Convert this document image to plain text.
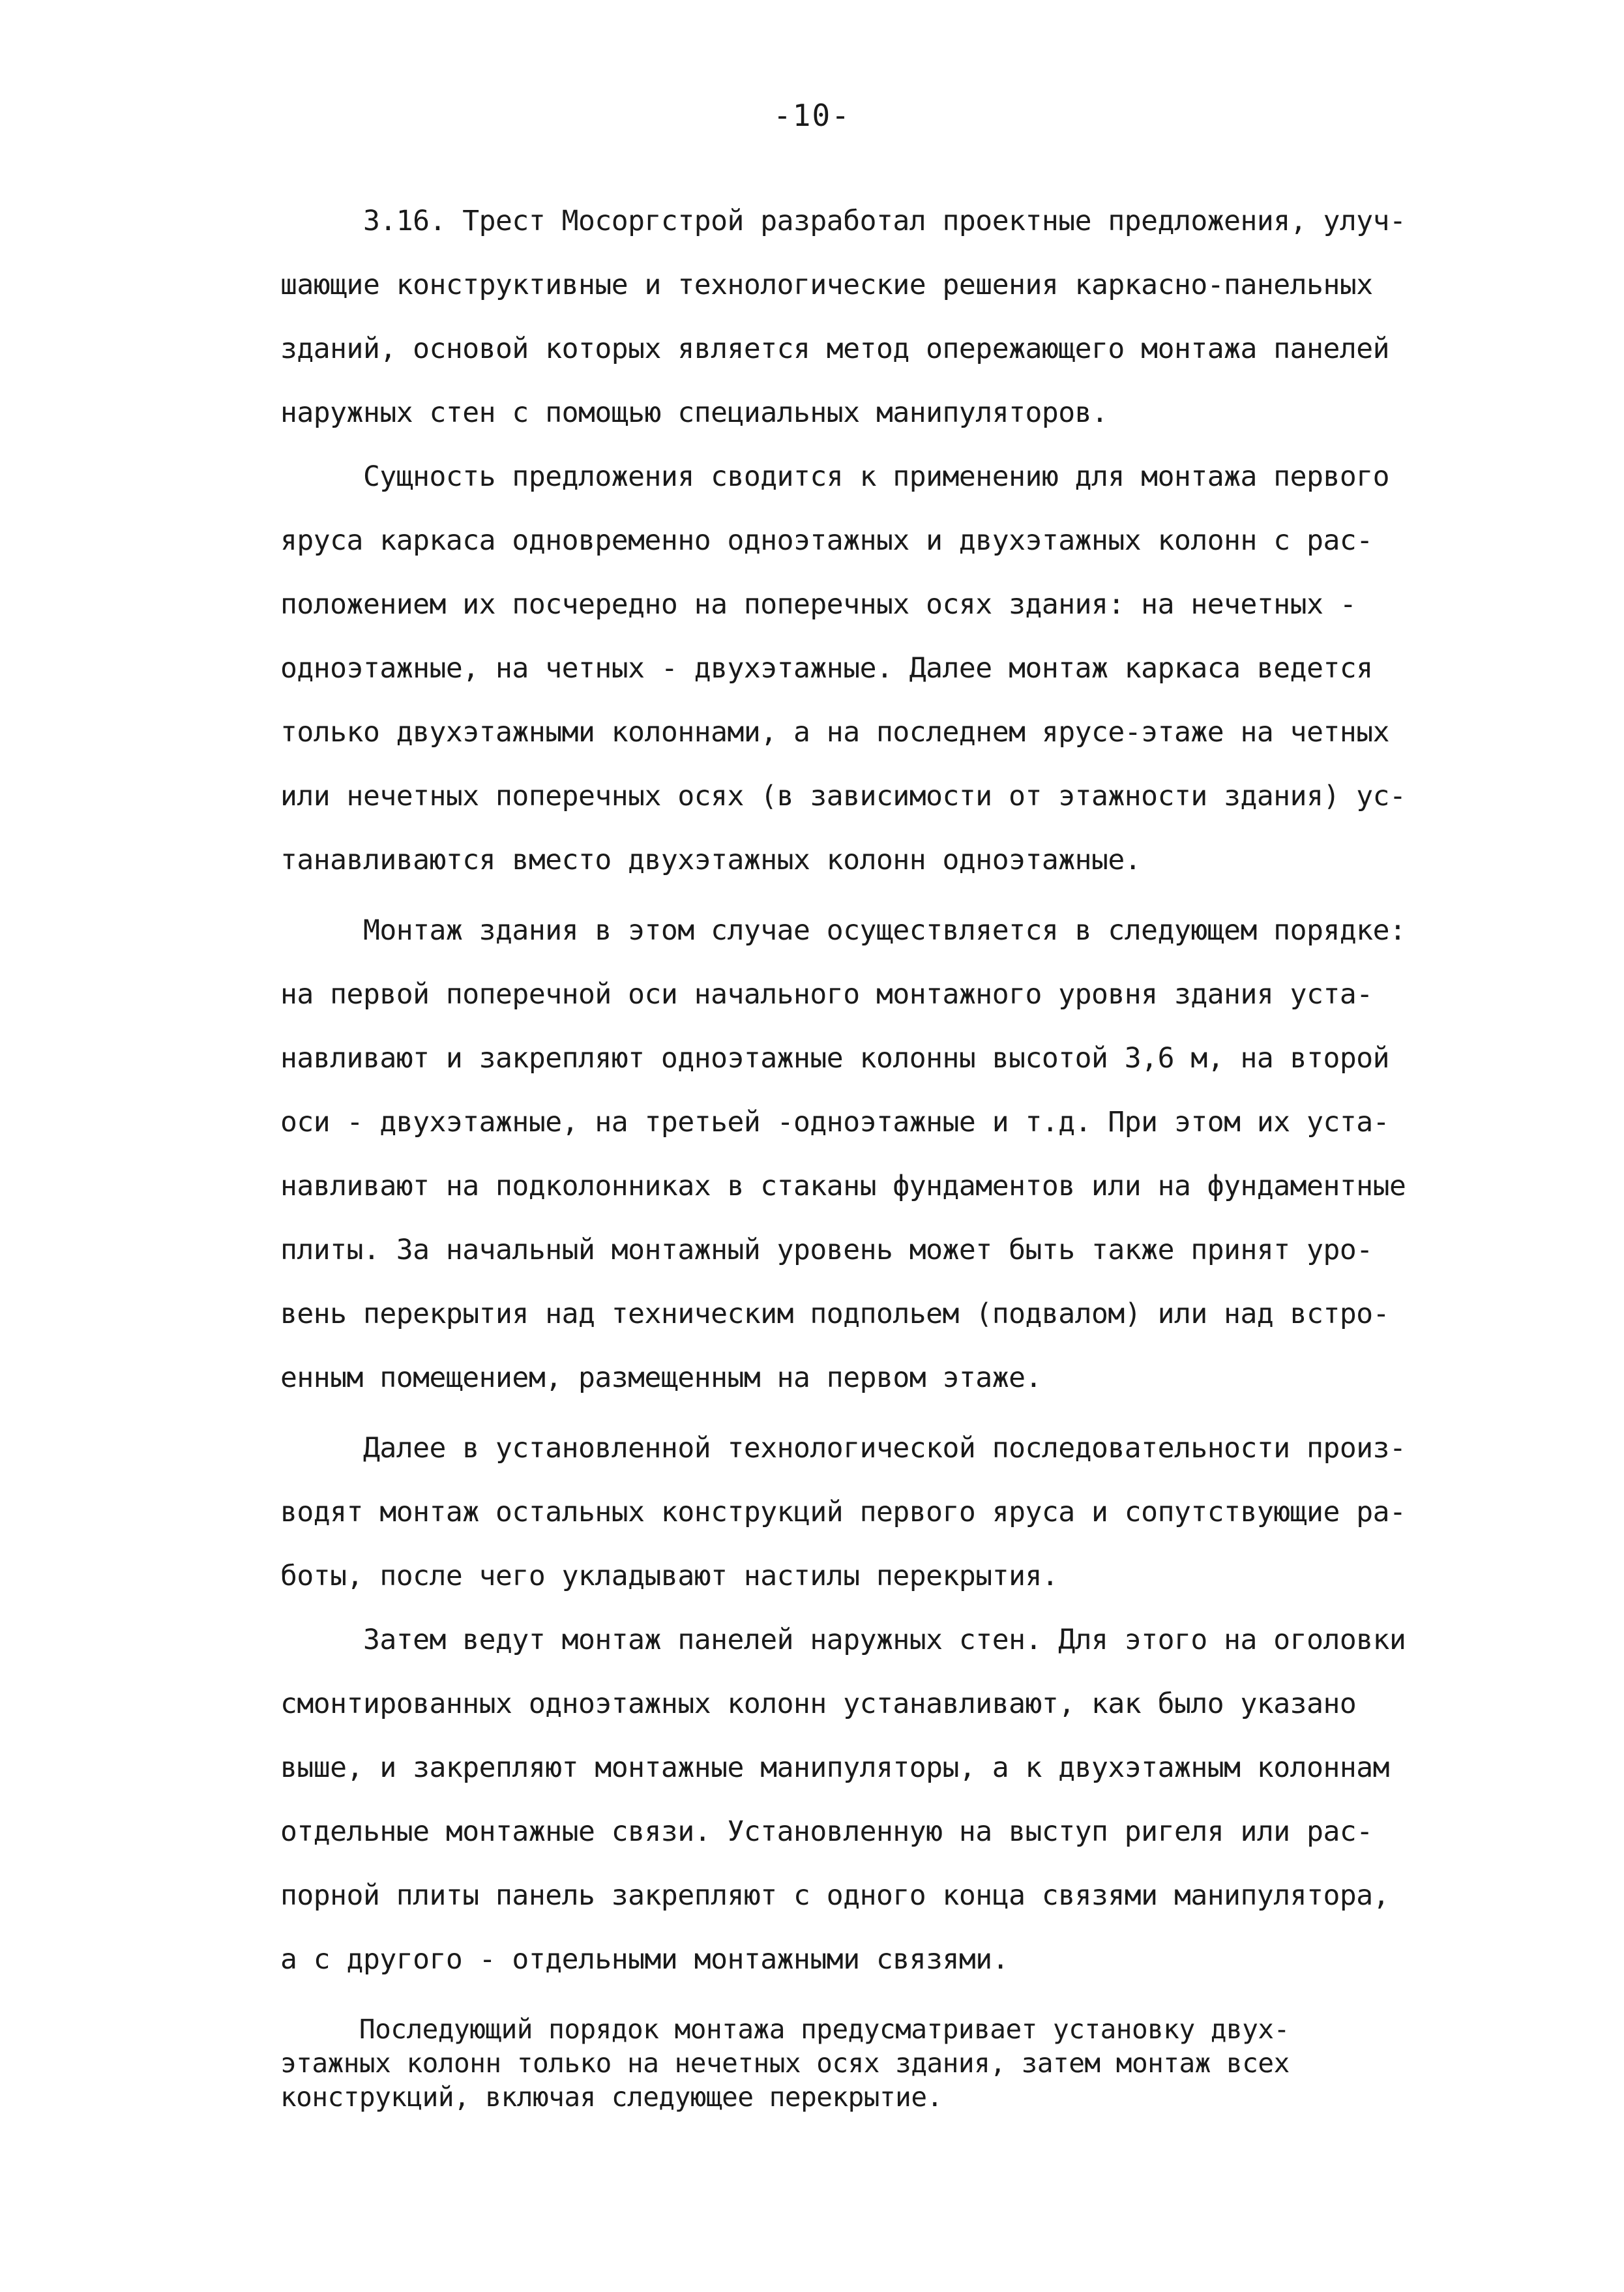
-10-
3.16. Трест Мосоргстрой разработал проектные предложения, улуч-
шающие конструктивные и технологические решения каркасно-панельных
зданий, основой которых является метод опережающего монтажа панелей
наружных стен с помощью специальных манипуляторов.
Сущность предложения сводится к применению для монтажа первого
яруса каркаса одновременно одноэтажных и двухэтажных колонн с рас-
положением их посчередно на поперечных осях здания: на нечетных -
одноэтажные, на четных - двухэтажные. Далее монтаж каркаса ведется
только двухэтажными колоннами, а на последнем ярусе-этаже на четных
или нечетных поперечных осях (в зависимости от этажности здания) ус-
танавливаются вместо двухэтажных колонн одноэтажные.
Монтаж здания в этом случае осуществляется в следующем порядке:
на первой поперечной оси начального монтажного уровня здания уста-
навливают и закрепляют одноэтажные колонны высотой 3,6 м, на второй
оси - двухэтажные, на третьей -одноэтажные и т.д. При этом их уста-
навливают на подколонниках в стаканы фундаментов или на фундаментные
плиты. За начальный монтажный уровень может быть также принят уро-
вень перекрытия над техническим подпольем (подвалом) или над встро-
енным помещением, размещенным на первом этаже.
Далее в установленной технологической последовательности произ-
водят монтаж остальных конструкций первого яруса и сопутствующие ра-
боты, после чего укладывают настилы перекрытия.
Затем ведут монтаж панелей наружных стен. Для этого на оголовки
смонтированных одноэтажных колонн устанавливают, как было указано
выше, и закрепляют монтажные манипуляторы, а к двухэтажным колоннам
отдельные монтажные связи. Установленную на выступ ригеля или рас-
порной плиты панель закрепляют с одного конца связями манипулятора,
а с другого - отдельными монтажными связями.
Последующий порядок монтажа предусматривает установку двух-
этажных колонн только на нечетных осях здания, затем монтаж всех
конструкций, включая следующее перекрытие.
